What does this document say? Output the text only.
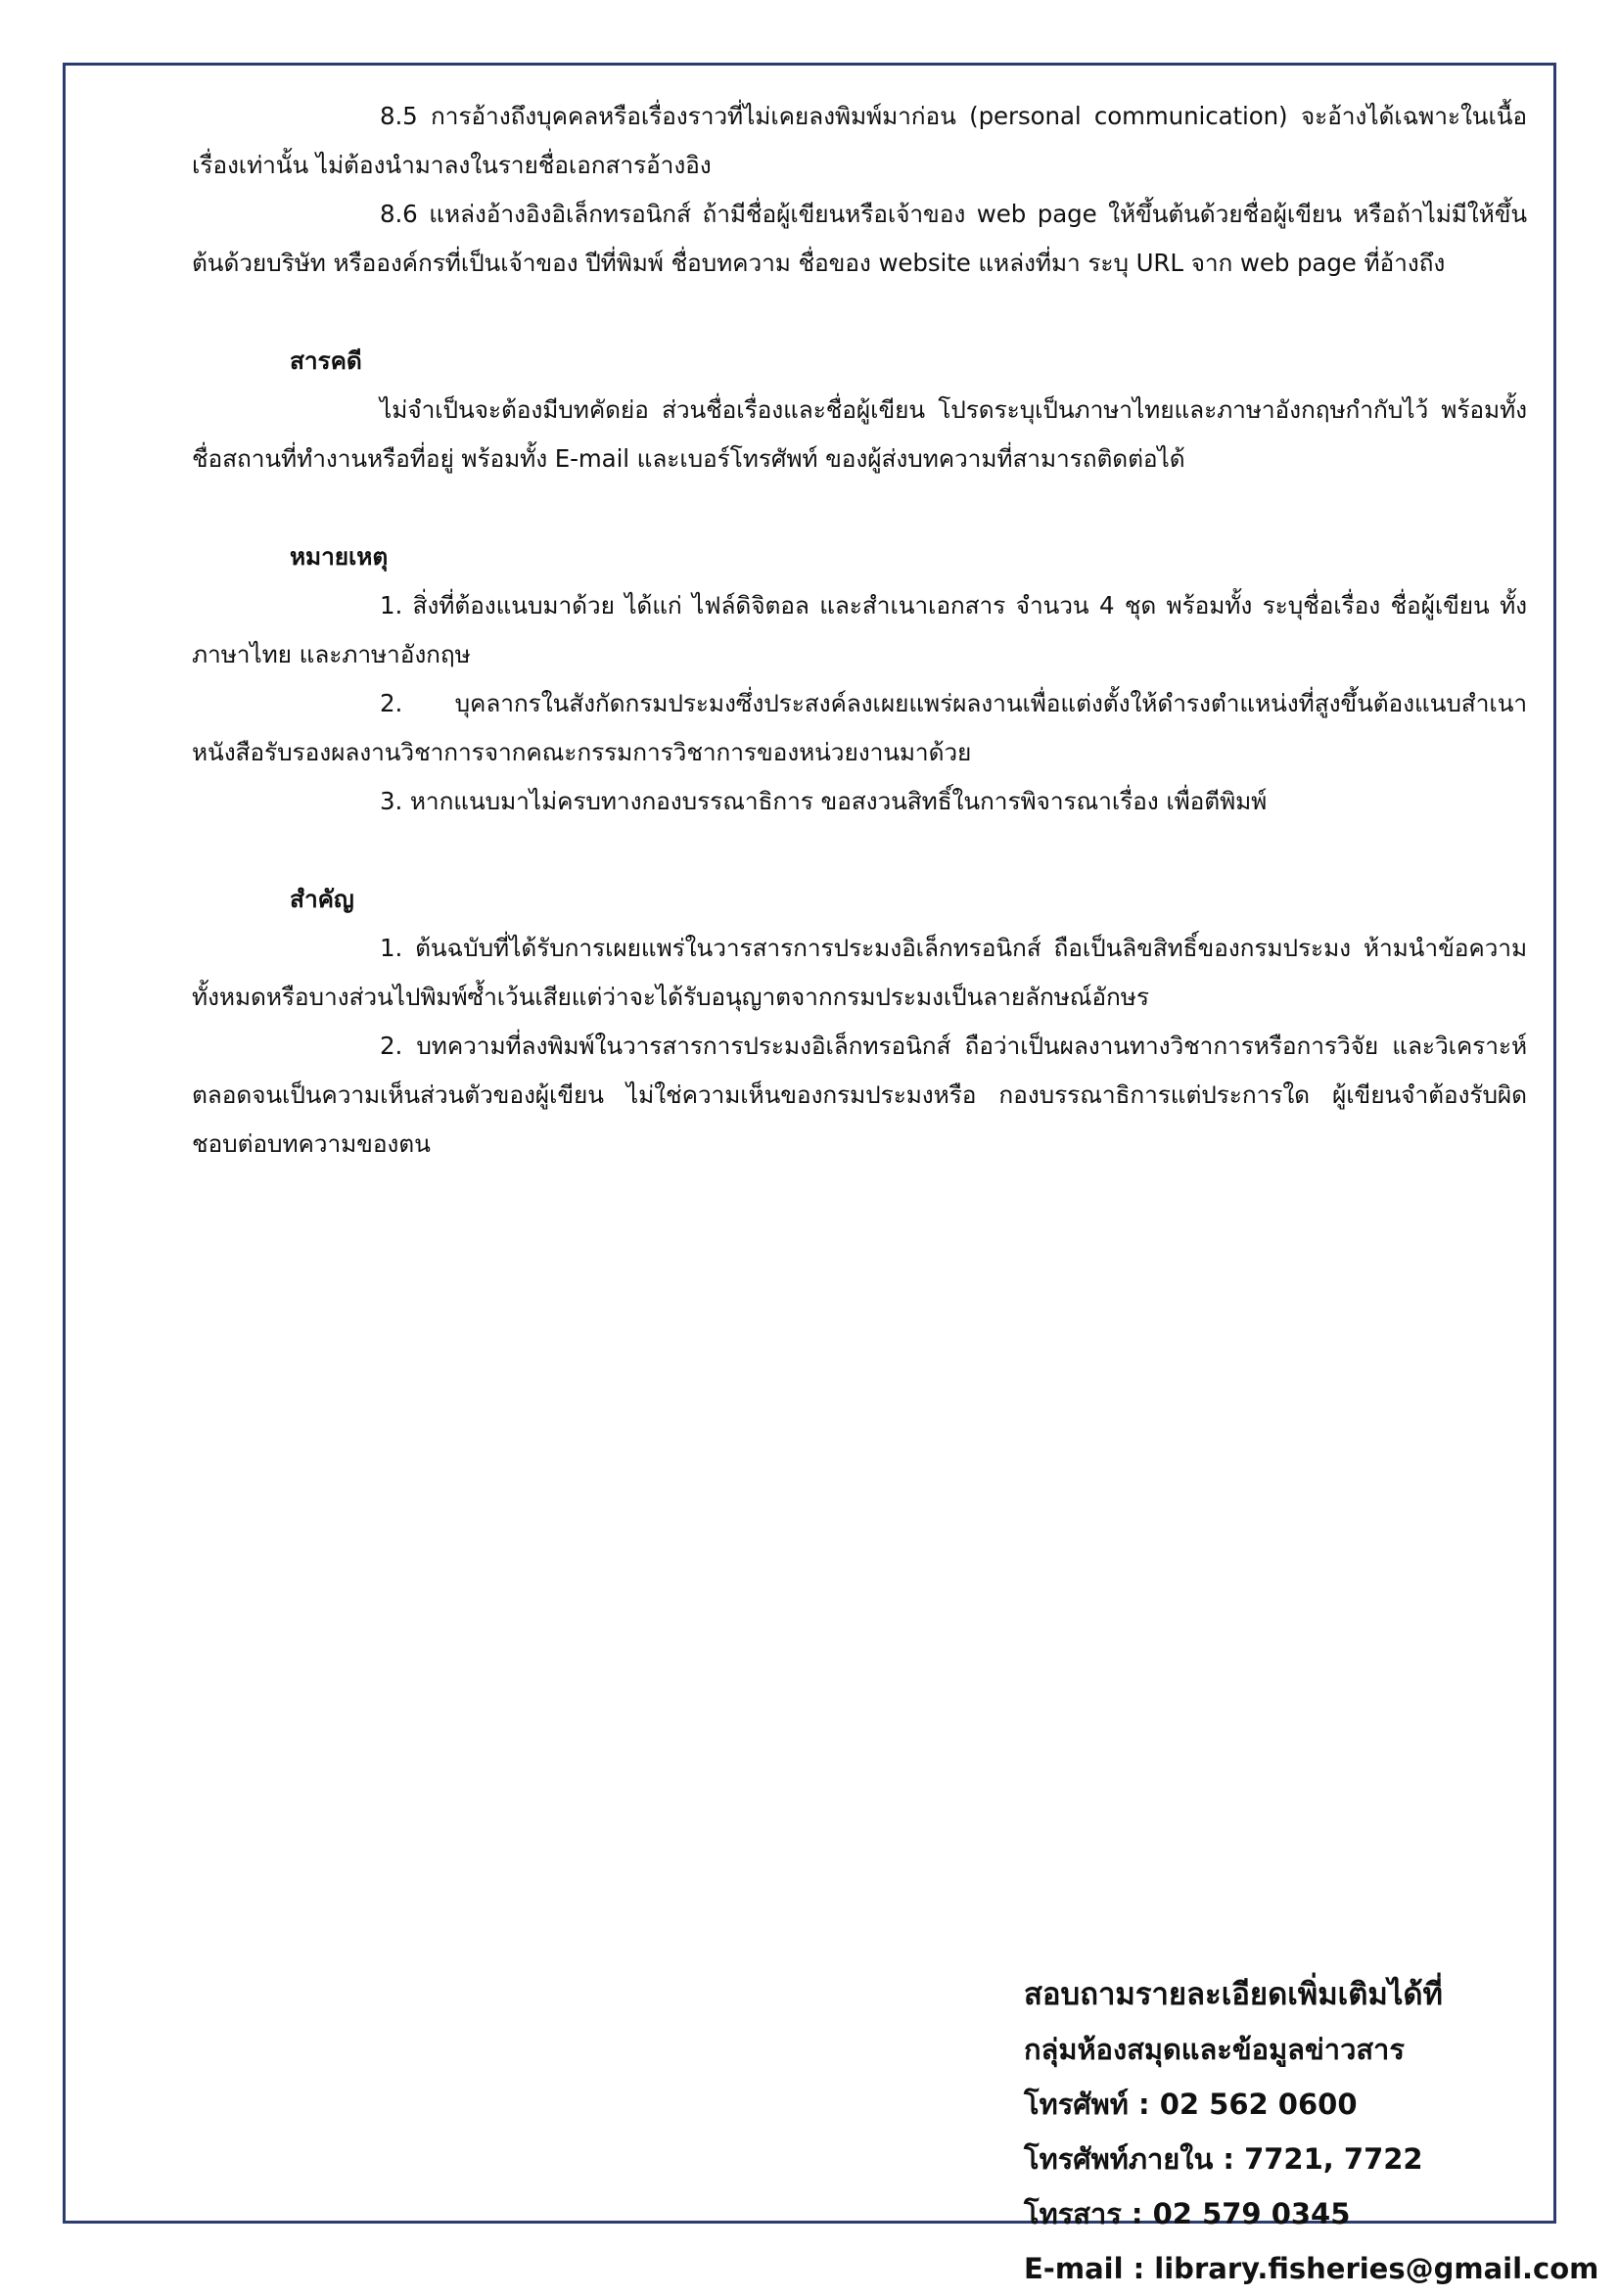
8.5 การอ้างถึงบุคคลหรือเรื่องราวที่ไม่เคยลงพิมพ์มาก่อน (personal communication) จะอ้างได้เฉพาะในเนื้อเรื่องเท่านั้น ไม่ต้องนำมาลงในรายชื่อเอกสารอ้างอิง

8.6 แหล่งอ้างอิงอิเล็กทรอนิกส์ ถ้ามีชื่อผู้เขียนหรือเจ้าของ web page ให้ขึ้นต้นด้วยชื่อผู้เขียน หรือถ้าไม่มีให้ขึ้นต้นด้วยบริษัท หรือองค์กรที่เป็นเจ้าของ ปีที่พิมพ์ ชื่อบทความ ชื่อของ website แหล่งที่มา ระบุ URL จาก web page ที่อ้างถึง

สารคดี

ไม่จำเป็นจะต้องมีบทคัดย่อ ส่วนชื่อเรื่องและชื่อผู้เขียน โปรดระบุเป็นภาษาไทยและภาษาอังกฤษกำกับไว้ พร้อมทั้งชื่อสถานที่ทำงานหรือที่อยู่ พร้อมทั้ง E-mail และเบอร์โทรศัพท์ ของผู้ส่งบทความที่สามารถติดต่อได้

หมายเหตุ

1. สิ่งที่ต้องแนบมาด้วย ได้แก่ ไฟล์ดิจิตอล และสำเนาเอกสาร จำนวน 4 ชุด พร้อมทั้ง ระบุชื่อเรื่อง ชื่อผู้เขียน ทั้งภาษาไทย และภาษาอังกฤษ

2. บุคลากรในสังกัดกรมประมงซึ่งประสงค์ลงเผยแพร่ผลงานเพื่อแต่งตั้งให้ดำรงตำแหน่งที่สูงขึ้นต้องแนบสำเนาหนังสือรับรองผลงานวิชาการจากคณะกรรมการวิชาการของหน่วยงานมาด้วย

3. หากแนบมาไม่ครบทางกองบรรณาธิการ ขอสงวนสิทธิ์ในการพิจารณาเรื่อง เพื่อตีพิมพ์

สำคัญ

1. ต้นฉบับที่ได้รับการเผยแพร่ในวารสารการประมงอิเล็กทรอนิกส์ ถือเป็นลิขสิทธิ์ของกรมประมง ห้ามนำข้อความทั้งหมดหรือบางส่วนไปพิมพ์ซ้ำเว้นเสียแต่ว่าจะได้รับอนุญาตจากกรมประมงเป็นลายลักษณ์อักษร

2. บทความที่ลงพิมพ์ในวารสารการประมงอิเล็กทรอนิกส์ ถือว่าเป็นผลงานทางวิชาการหรือการวิจัย และวิเคราะห์ ตลอดจนเป็นความเห็นส่วนตัวของผู้เขียน ไม่ใช่ความเห็นของกรมประมงหรือ กองบรรณาธิการแต่ประการใด ผู้เขียนจำต้องรับผิดชอบต่อบทความของตน

สอบถามรายละเอียดเพิ่มเติมได้ที่
กลุ่มห้องสมุดและข้อมูลข่าวสาร
โทรศัพท์ : 02 562 0600
โทรศัพท์ภายใน : 7721, 7722
โทรสาร : 02 579 0345
E-mail : library.fisheries@gmail.com
